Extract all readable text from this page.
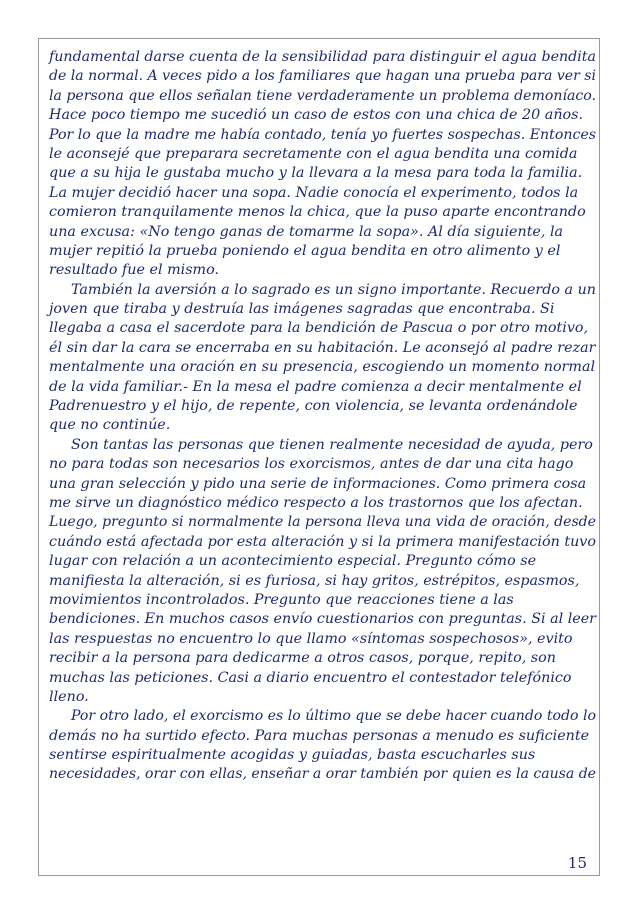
fundamental darse cuenta de la sensibilidad para distinguir el agua bendita
de la normal. A veces pido a los familiares que hagan una prueba para ver si
la persona que ellos señalan tiene verdaderamente un problema demoníaco.
Hace poco tiempo me sucedió un caso de estos con una chica de 20 años.
Por lo que la madre me había contado, tenía yo fuertes sospechas. Entonces
le aconsejé que preparara secretamente con el agua bendita una comida
que a su hija le gustaba mucho y la llevara a la mesa para toda la familia.
La mujer decidió hacer una sopa. Nadie conocía el experimento, todos la
comieron tranquilamente menos la chica, que la puso aparte encontrando
una excusa: «No tengo ganas de tomarme la sopa». Al día siguiente, la
mujer repitió la prueba poniendo el agua bendita en otro alimento y el
resultado fue el mismo.
También la aversión a lo sagrado es un signo importante. Recuerdo a un
joven que tiraba y destruía las imágenes sagradas que encontraba. Si
llegaba a casa el sacerdote para la bendición de Pascua o por otro motivo,
él sin dar la cara se encerraba en su habitación. Le aconsejó al padre rezar
mentalmente una oración en su presencia, escogiendo un momento normal
de la vida familiar.- En la mesa el padre comienza a decir mentalmente el
Padrenuestro y el hijo, de repente, con violencia, se levanta ordenándole
que no continúe.
Son tantas las personas que tienen realmente necesidad de ayuda, pero
no para todas son necesarios los exorcismos, antes de dar una cita hago
una gran selección y pido una serie de informaciones. Como primera cosa
me sirve un diagnóstico médico respecto a los trastornos que los afectan.
Luego, pregunto si normalmente la persona lleva una vida de oración, desde
cuándo está afectada por esta alteración y si la primera manifestación tuvo
lugar con relación a un acontecimiento especial. Pregunto cómo se
manifiesta la alteración, si es furiosa, si hay gritos, estrépitos, espasmos,
movimientos incontrolados. Pregunto que reacciones tiene a las
bendiciones. En muchos casos envío cuestionarios con preguntas. Si al leer
las respuestas no encuentro lo que llamo «síntomas sospechosos», evito
recibir a la persona para dedicarme a otros casos, porque, repito, son
muchas las peticiones. Casi a diario encuentro el contestador telefónico
lleno.
Por otro lado, el exorcismo es lo último que se debe hacer cuando todo lo
demás no ha surtido efecto. Para muchas personas a menudo es suficiente
sentirse espiritualmente acogidas y guiadas, basta escucharles sus
necesidades, orar con ellas, enseñar a orar también por quien es la causa de
15
